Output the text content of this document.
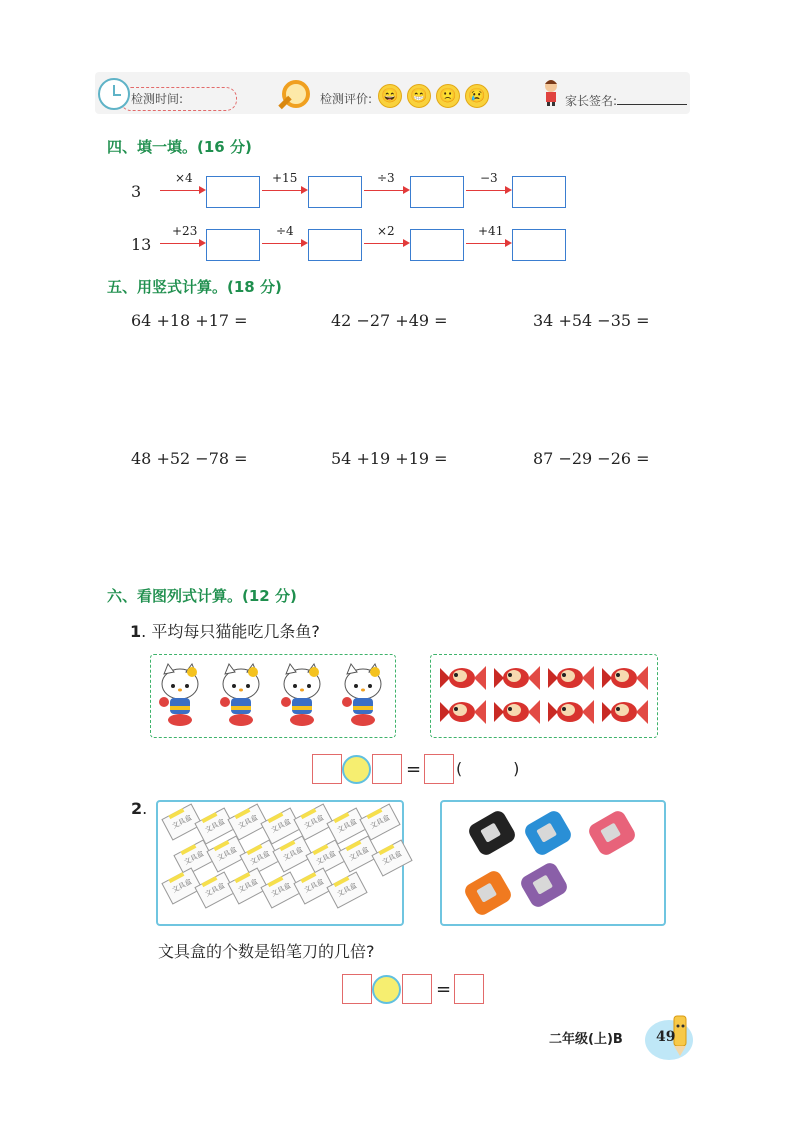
检测时间:	检测评价: 😄 😁 🙁 😢	家长签名:
四、填一填。(16 分)
3
×4	+15	÷3	−3
13
+23	÷4	×2	+41
五、用竖式计算。(18 分)
64 +18 +17 =	42 −27 +49 =	34 +54 −35 =
48 +52 −78 =	54 +19 +19 =	87 −29 −26 =
六、看图列式计算。(12 分)
1. 平均每只猫能吃几条鱼?
= (          )
2.
文具盒	文具盒	文具盒	文具盒	文具盒	文具盒	文具盒
文具盒	文具盒	文具盒	文具盒	文具盒	文具盒	文具盒
文具盒	文具盒	文具盒	文具盒	文具盒	文具盒
文具盒的个数是铅笔刀的几倍?
=
二年级(上)B 49
